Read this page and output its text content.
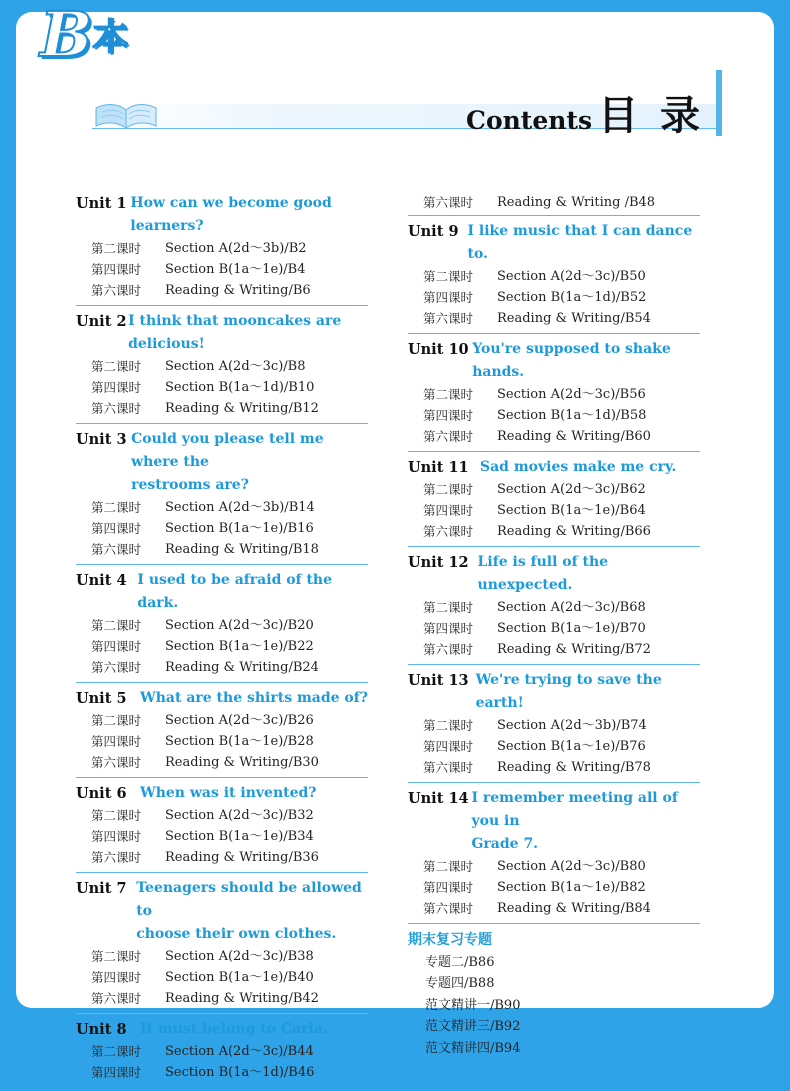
Contents 目 录
Unit 1 How can we become good learners?
第二课时	Section A(2d～3b)/B2
第四课时	Section B(1a～1e)/B4
第六课时	Reading & Writing/B6
Unit 2 I think that mooncakes are delicious!
第二课时	Section A(2d～3c)/B8
第四课时	Section B(1a～1d)/B10
第六课时	Reading & Writing/B12
Unit 3 Could you please tell me where the
restrooms are?
第二课时	Section A(2d～3b)/B14
第四课时	Section B(1a～1e)/B16
第六课时	Reading & Writing/B18
Unit 4 I used to be afraid of the dark.
第二课时	Section A(2d～3c)/B20
第四课时	Section B(1a～1e)/B22
第六课时	Reading & Writing/B24
Unit 5 What are the shirts made of?
第二课时	Section A(2d～3c)/B26
第四课时	Section B(1a～1e)/B28
第六课时	Reading & Writing/B30
Unit 6 When was it invented?
第二课时	Section A(2d～3c)/B32
第四课时	Section B(1a～1e)/B34
第六课时	Reading & Writing/B36
Unit 7 Teenagers should be allowed to
choose their own clothes.
第二课时	Section A(2d～3c)/B38
第四课时	Section B(1a～1e)/B40
第六课时	Reading & Writing/B42
Unit 8 It must belong to Carla.
第二课时	Section A(2d～3c)/B44
第四课时	Section B(1a～1d)/B46
第六课时	Reading & Writing /B48
Unit 9 I like music that I can dance to.
第二课时	Section A(2d～3c)/B50
第四课时	Section B(1a～1d)/B52
第六课时	Reading & Writing/B54
Unit 10 You're supposed to shake hands.
第二课时	Section A(2d～3c)/B56
第四课时	Section B(1a～1d)/B58
第六课时	Reading & Writing/B60
Unit 11 Sad movies make me cry.
第二课时	Section A(2d～3c)/B62
第四课时	Section B(1a～1e)/B64
第六课时	Reading & Writing/B66
Unit 12 Life is full of the unexpected.
第二课时	Section A(2d～3c)/B68
第四课时	Section B(1a～1e)/B70
第六课时	Reading & Writing/B72
Unit 13 We're trying to save the earth!
第二课时	Section A(2d～3b)/B74
第四课时	Section B(1a～1e)/B76
第六课时	Reading & Writing/B78
Unit 14 I remember meeting all of you in
Grade 7.
第二课时	Section A(2d～3c)/B80
第四课时	Section B(1a～1e)/B82
第六课时	Reading & Writing/B84
期末复习专题
专题二/B86
专题四/B88
范文精讲一/B90
范文精讲三/B92
范文精讲四/B94
B 本
